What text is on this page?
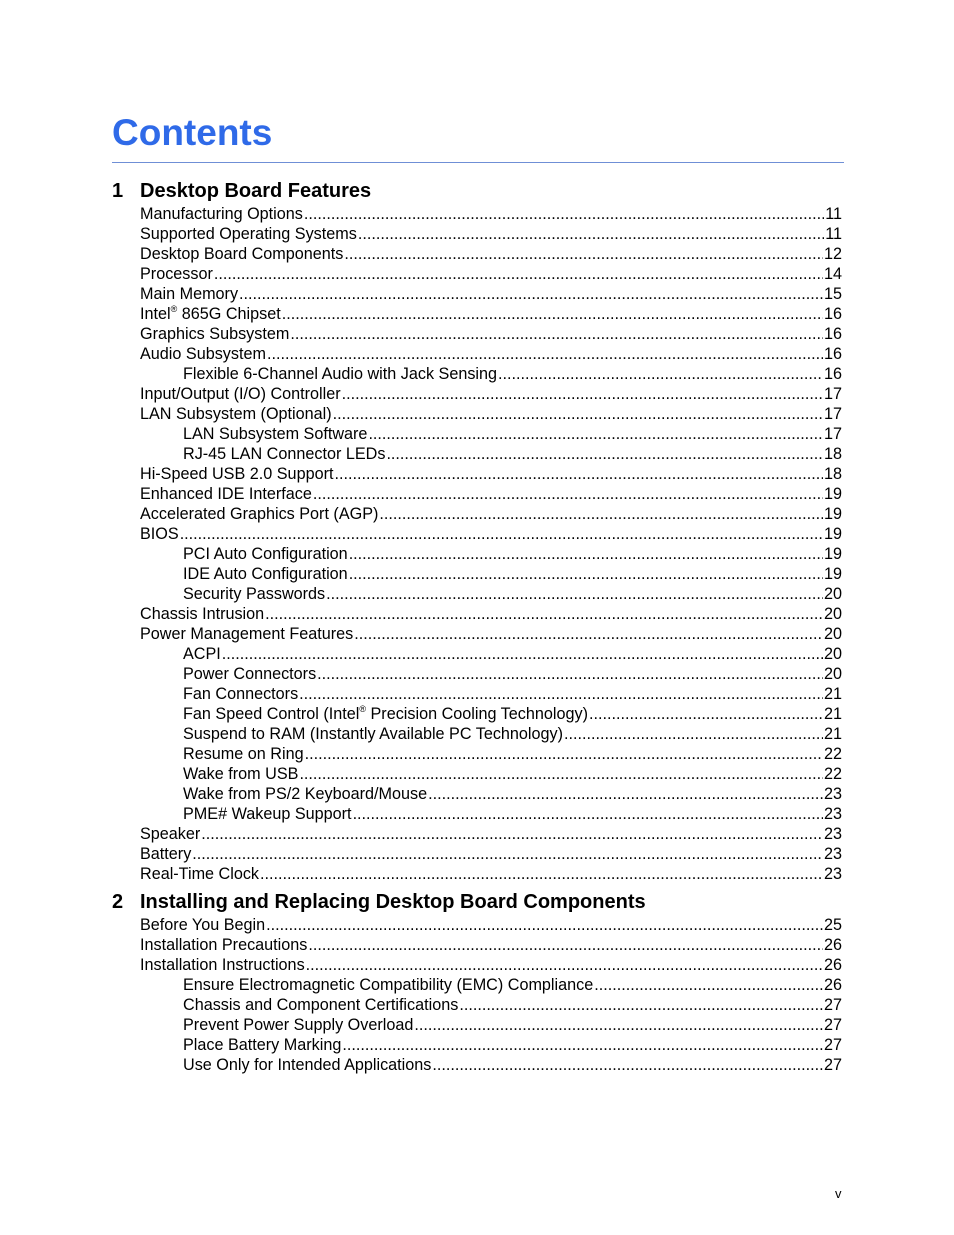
Contents
1 Desktop Board Features
Manufacturing Options .....	11
Supported Operating Systems .....	11
Desktop Board Components .....	12
Processor .....	14
Main Memory .....	15
Intel® 865G Chipset .....	16
Graphics Subsystem .....	16
Audio Subsystem .....	16
Flexible 6-Channel Audio with Jack Sensing .....	16
Input/Output (I/O) Controller .....	17
LAN Subsystem (Optional) .....	17
LAN Subsystem Software .....	17
RJ-45 LAN Connector LEDs .....	18
Hi-Speed USB 2.0 Support .....	18
Enhanced IDE Interface .....	19
Accelerated Graphics Port (AGP) .....	19
BIOS .....	19
PCI Auto Configuration .....	19
IDE Auto Configuration .....	19
Security Passwords .....	20
Chassis Intrusion .....	20
Power Management Features .....	20
ACPI .....	20
Power Connectors .....	20
Fan Connectors .....	21
Fan Speed Control (Intel® Precision Cooling Technology) .....	21
Suspend to RAM (Instantly Available PC Technology) .....	21
Resume on Ring .....	22
Wake from USB .....	22
Wake from PS/2 Keyboard/Mouse .....	23
PME# Wakeup Support .....	23
Speaker .....	23
Battery .....	23
Real-Time Clock .....	23
2 Installing and Replacing Desktop Board Components
Before You Begin .....	25
Installation Precautions .....	26
Installation Instructions .....	26
Ensure Electromagnetic Compatibility (EMC) Compliance .....	26
Chassis and Component Certifications .....	27
Prevent Power Supply Overload .....	27
Place Battery Marking .....	27
Use Only for Intended Applications .....	27
v
